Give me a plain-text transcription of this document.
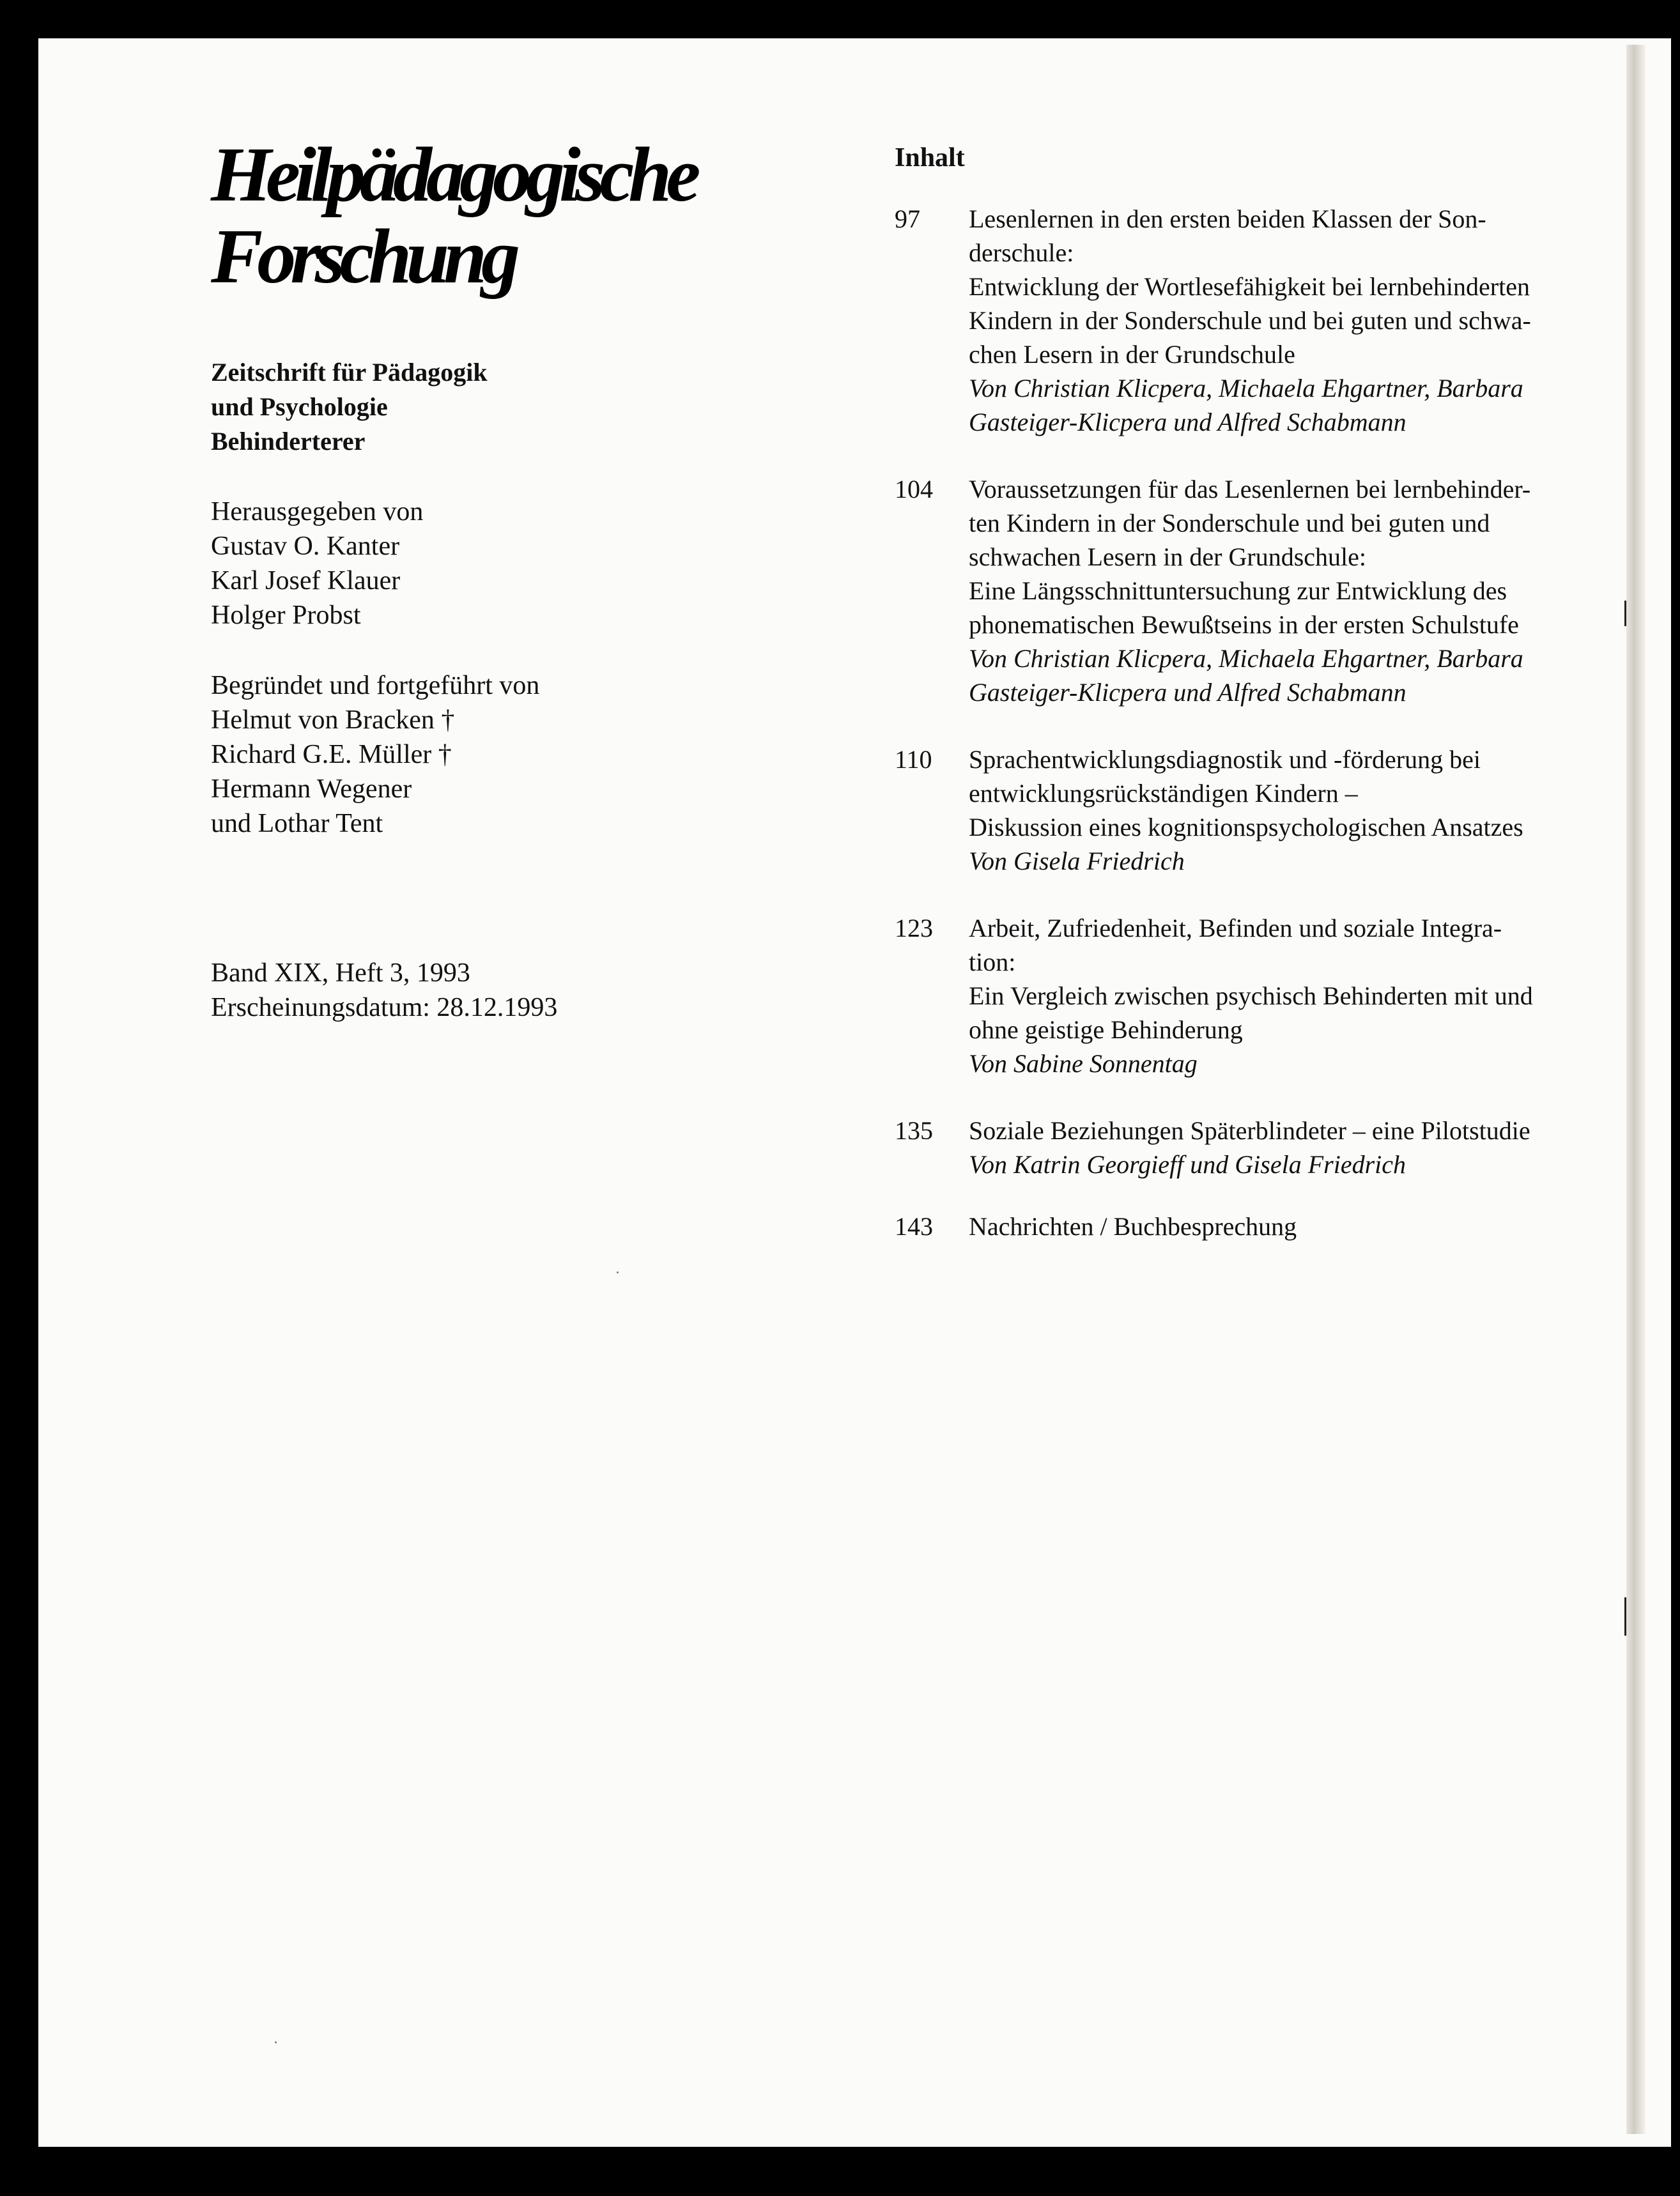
Heilpädagogische
Forschung
Zeitschrift für Pädagogik
und Psychologie
Behinderterer
Herausgegeben von
Gustav O. Kanter
Karl Josef Klauer
Holger Probst
Begründet und fortgeführt von
Helmut von Bracken †
Richard G.E. Müller †
Hermann Wegener
und Lothar Tent
Band XIX, Heft 3, 1993
Erscheinungsdatum: 28.12.1993
Inhalt
97	Lesenlernen in den ersten beiden Klassen der Son-
derschule:
Entwicklung der Wortlesefähigkeit bei lernbehinderten
Kindern in der Sonderschule und bei guten und schwa-
chen Lesern in der Grundschule
Von Christian Klicpera, Michaela Ehgartner, Barbara
Gasteiger-Klicpera und Alfred Schabmann
104	Voraussetzungen für das Lesenlernen bei lernbehinder-
ten Kindern in der Sonderschule und bei guten und
schwachen Lesern in der Grundschule:
Eine Längsschnittuntersuchung zur Entwicklung des
phonematischen Bewußtseins in der ersten Schulstufe
Von Christian Klicpera, Michaela Ehgartner, Barbara
Gasteiger-Klicpera und Alfred Schabmann
110	Sprachentwicklungsdiagnostik und -förderung bei
entwicklungsrückständigen Kindern –
Diskussion eines kognitionspsychologischen Ansatzes
Von Gisela Friedrich
123	Arbeit, Zufriedenheit, Befinden und soziale Integra-
tion:
Ein Vergleich zwischen psychisch Behinderten mit und
ohne geistige Behinderung
Von Sabine Sonnentag
135	Soziale Beziehungen Späterblindeter – eine Pilotstudie
Von Katrin Georgieff und Gisela Friedrich
143	Nachrichten / Buchbesprechung
